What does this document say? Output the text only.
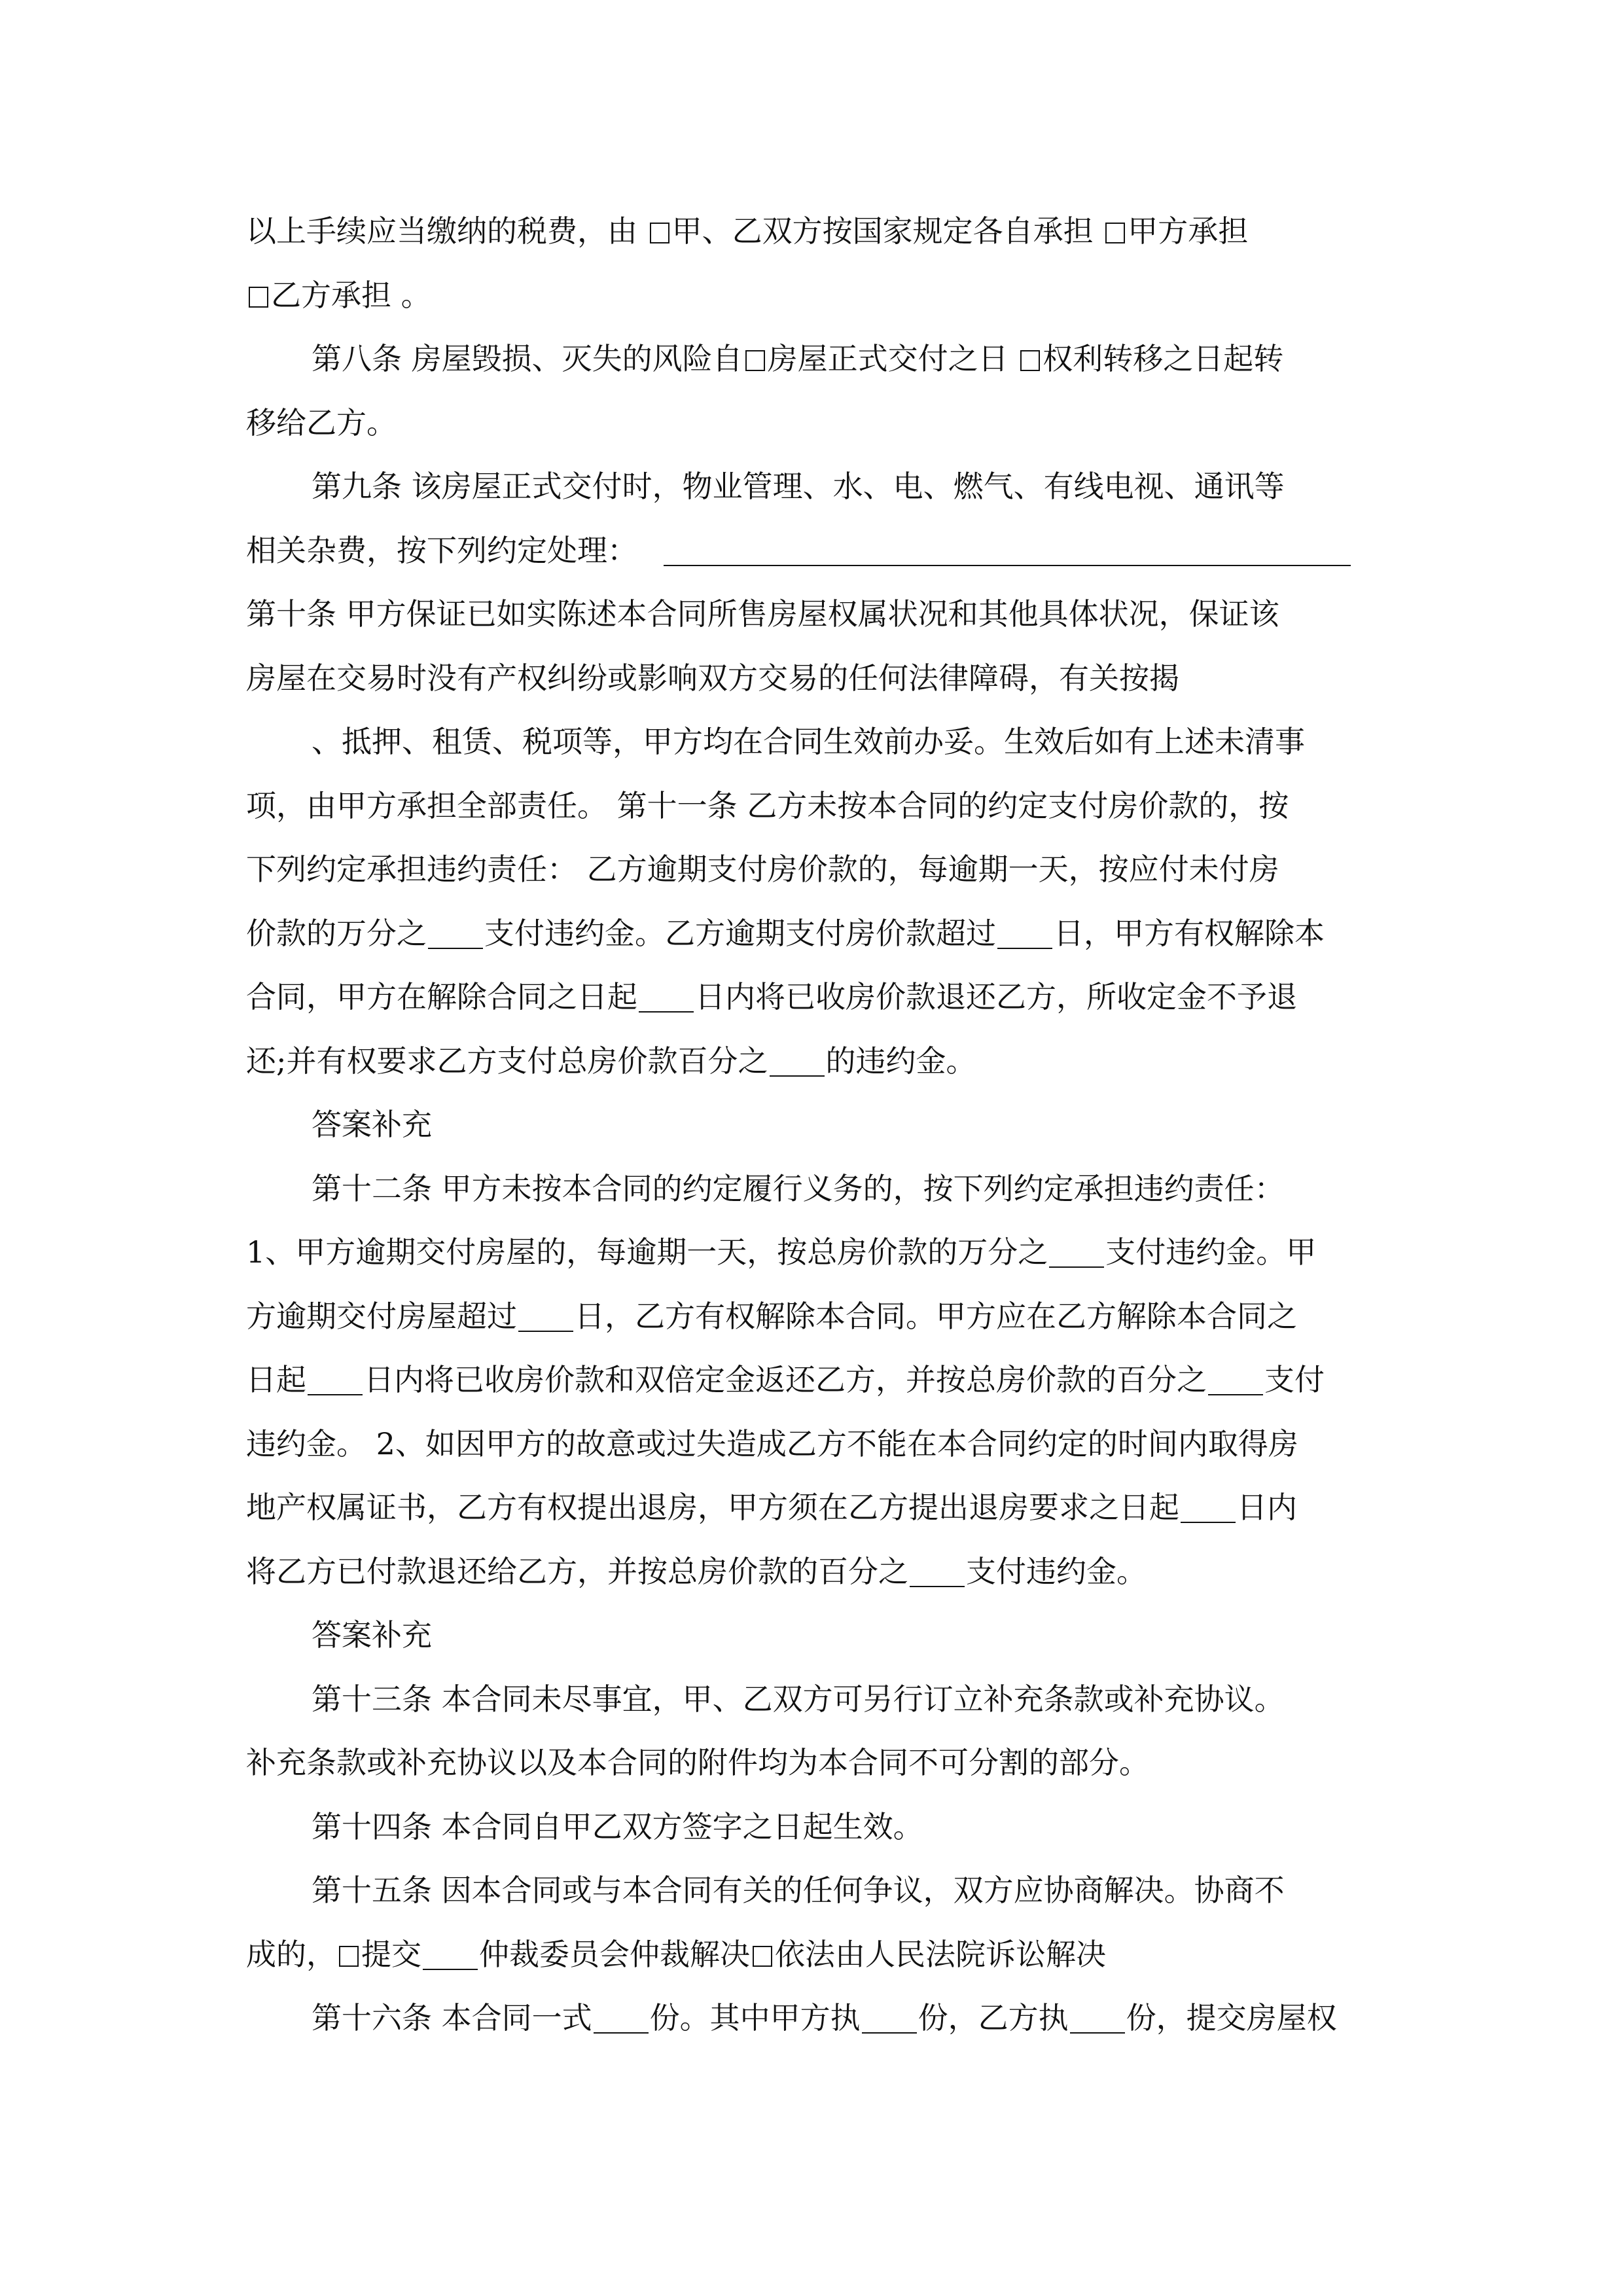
以上手续应当缴纳的税费，由 甲、乙双方按国家规定各自承担 甲方承担
乙方承担 。
第八条 房屋毁损、灭失的风险自 房屋正式交付之日 权利转移之日起转
移给乙方。
第九条 该房屋正式交付时，物业管理、水、电、燃气、有线电视、通讯等
相关杂费，按下列约定处理：
第十条 甲方保证已如实陈述本合同所售房屋权属状况和其他具体状况，保证该
房屋在交易时没有产权纠纷或影响双方交易的任何法律障碍，有关按揭
、抵押、租赁、税项等，甲方均在合同生效前办妥。生效后如有上述未清事
项，由甲方承担全部责任。 第十一条 乙方未按本合同的约定支付房价款的，按
下列约定承担违约责任： 乙方逾期支付房价款的，每逾期一天，按应付未付房
价款的万分之 支付违约金。乙方逾期支付房价款超过 日，甲方有权解除本
合同，甲方在解除合同之日起 日内将已收房价款退还乙方，所收定金不予退
还;并有权要求乙方支付总房价款百分之 的违约金。
答案补充
第十二条 甲方未按本合同的约定履行义务的，按下列约定承担违约责任：
1、甲方逾期交付房屋的，每逾期一天，按总房价款的万分之 支付违约金。甲
方逾期交付房屋超过 日，乙方有权解除本合同。甲方应在乙方解除本合同之
日起 日内将已收房价款和双倍定金返还乙方，并按总房价款的百分之 支付
违约金。 2、如因甲方的故意或过失造成乙方不能在本合同约定的时间内取得房
地产权属证书，乙方有权提出退房，甲方须在乙方提出退房要求之日起 日内
将乙方已付款退还给乙方，并按总房价款的百分之 支付违约金。
答案补充
第十三条 本合同未尽事宜，甲、乙双方可另行订立补充条款或补充协议。
补充条款或补充协议以及本合同的附件均为本合同不可分割的部分。
第十四条 本合同自甲乙双方签字之日起生效。
第十五条 因本合同或与本合同有关的任何争议，双方应协商解决。协商不
成的， 提交 仲裁委员会仲裁解决 依法由人民法院诉讼解决
第十六条 本合同一式 份。其中甲方执 份，乙方执 份，提交房屋权
